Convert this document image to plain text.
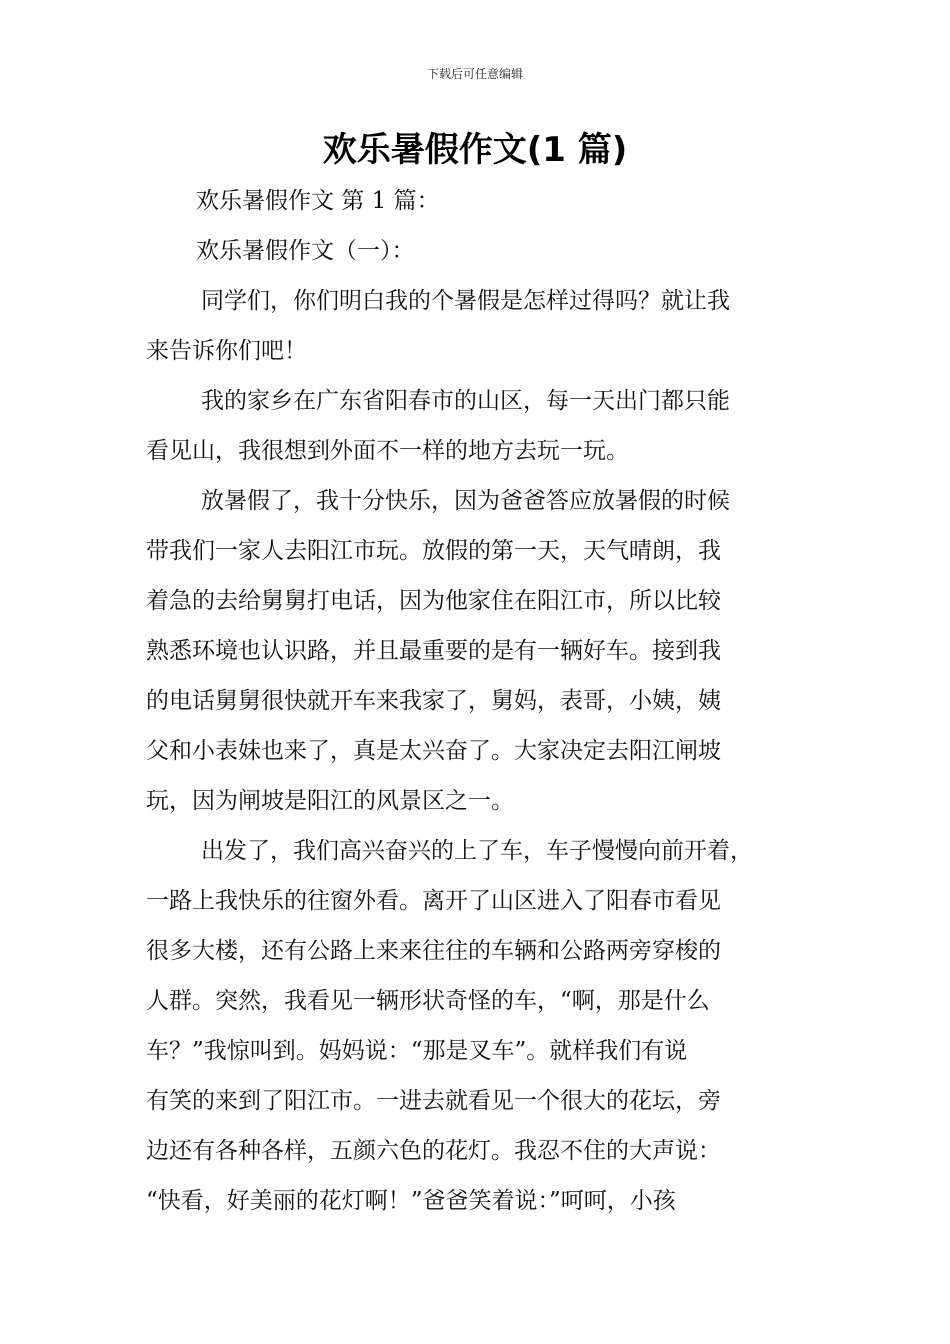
下载后可任意编辑
欢乐暑假作文(1 篇)

欢乐暑假作文 第 1 篇：

欢乐暑假作文（一）：

同学们，你们明白我的个暑假是怎样过得吗？就让我
来告诉你们吧！
我的家乡在广东省阳春市的山区，每一天出门都只能
看见山，我很想到外面不一样的地方去玩一玩。
放暑假了，我十分快乐，因为爸爸答应放暑假的时候
带我们一家人去阳江市玩。放假的第一天，天气晴朗，我
着急的去给舅舅打电话，因为他家住在阳江市，所以比较
熟悉环境也认识路，并且最重要的是有一辆好车。接到我
的电话舅舅很快就开车来我家了，舅妈，表哥，小姨，姨
父和小表妹也来了，真是太兴奋了。大家决定去阳江闸坡
玩，因为闸坡是阳江的风景区之一。
出发了，我们高兴奋兴的上了车，车子慢慢向前开着，
一路上我快乐的往窗外看。离开了山区进入了阳春市看见
很多大楼，还有公路上来来往往的车辆和公路两旁穿梭的
人群。突然，我看见一辆形状奇怪的车，“啊，那是什么
车？”我惊叫到。妈妈说：“那是叉车”。就样我们有说
有笑的来到了阳江市。一进去就看见一个很大的花坛，旁
边还有各种各样，五颜六色的花灯。我忍不住的大声说：
“快看，好美丽的花灯啊！”爸爸笑着说：”呵呵，小孩
